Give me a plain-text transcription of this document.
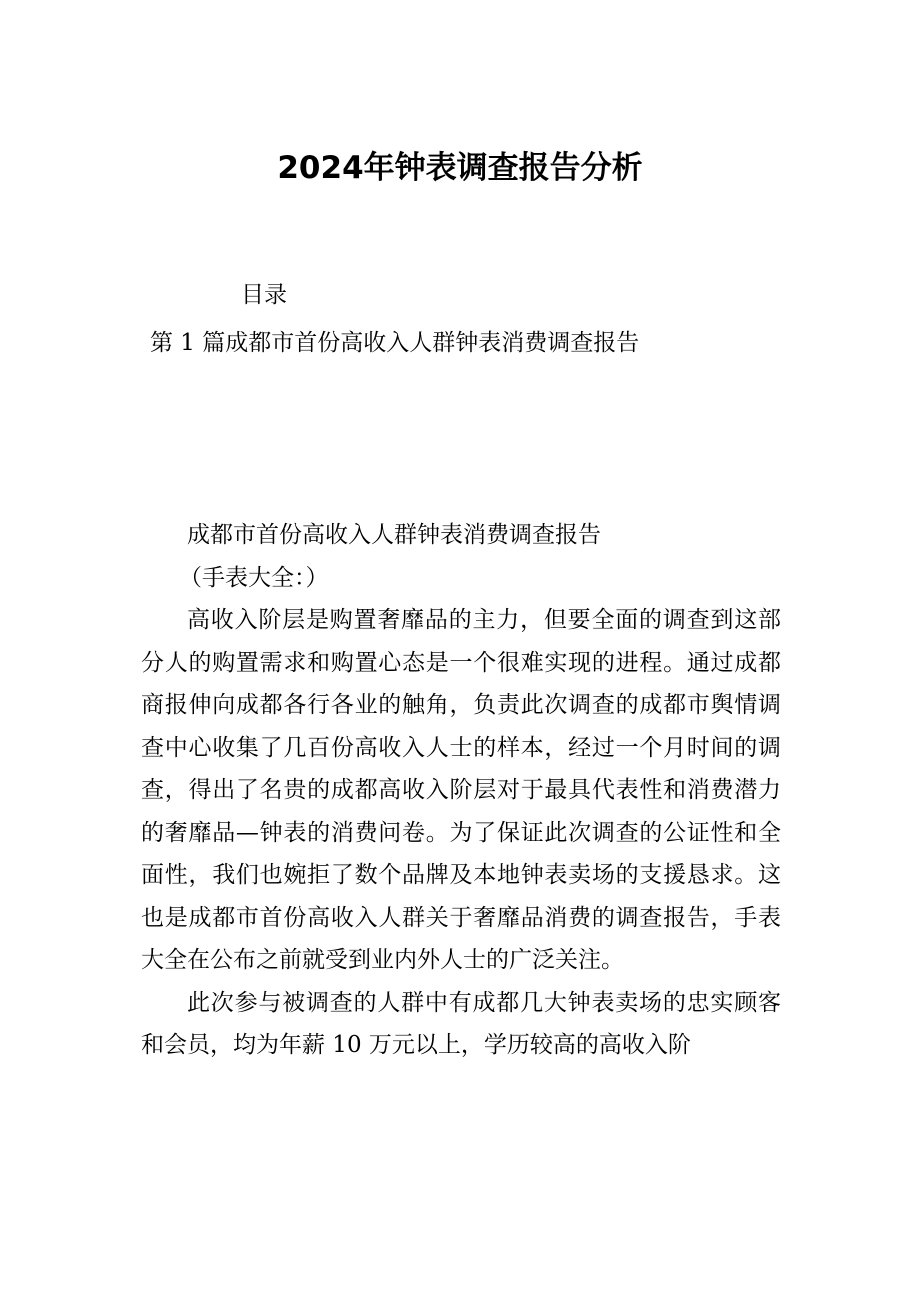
2024年钟表调查报告分析
目录
第 1 篇成都市首份高收入人群钟表消费调查报告

成都市首份高收入人群钟表消费调查报告

（手表大全：）

高收入阶层是购置奢靡品的主力，但要全面的调查到这部分人的购置需求和购置心态是一个很难实现的进程。通过成都商报伸向成都各行各业的触角，负责此次调查的成都市舆情调查中心收集了几百份高收入人士的样本，经过一个月时间的调查，得出了名贵的成都高收入阶层对于最具代表性和消费潜力的奢靡品—钟表的消费问卷。为了保证此次调查的公证性和全面性，我们也婉拒了数个品牌及本地钟表卖场的支援恳求。这也是成都市首份高收入人群关于奢靡品消费的调查报告，手表大全在公布之前就受到业内外人士的广泛关注。

此次参与被调查的人群中有成都几大钟表卖场的忠实顾客和会员，均为年薪 10 万元以上，学历较高的高收入阶
